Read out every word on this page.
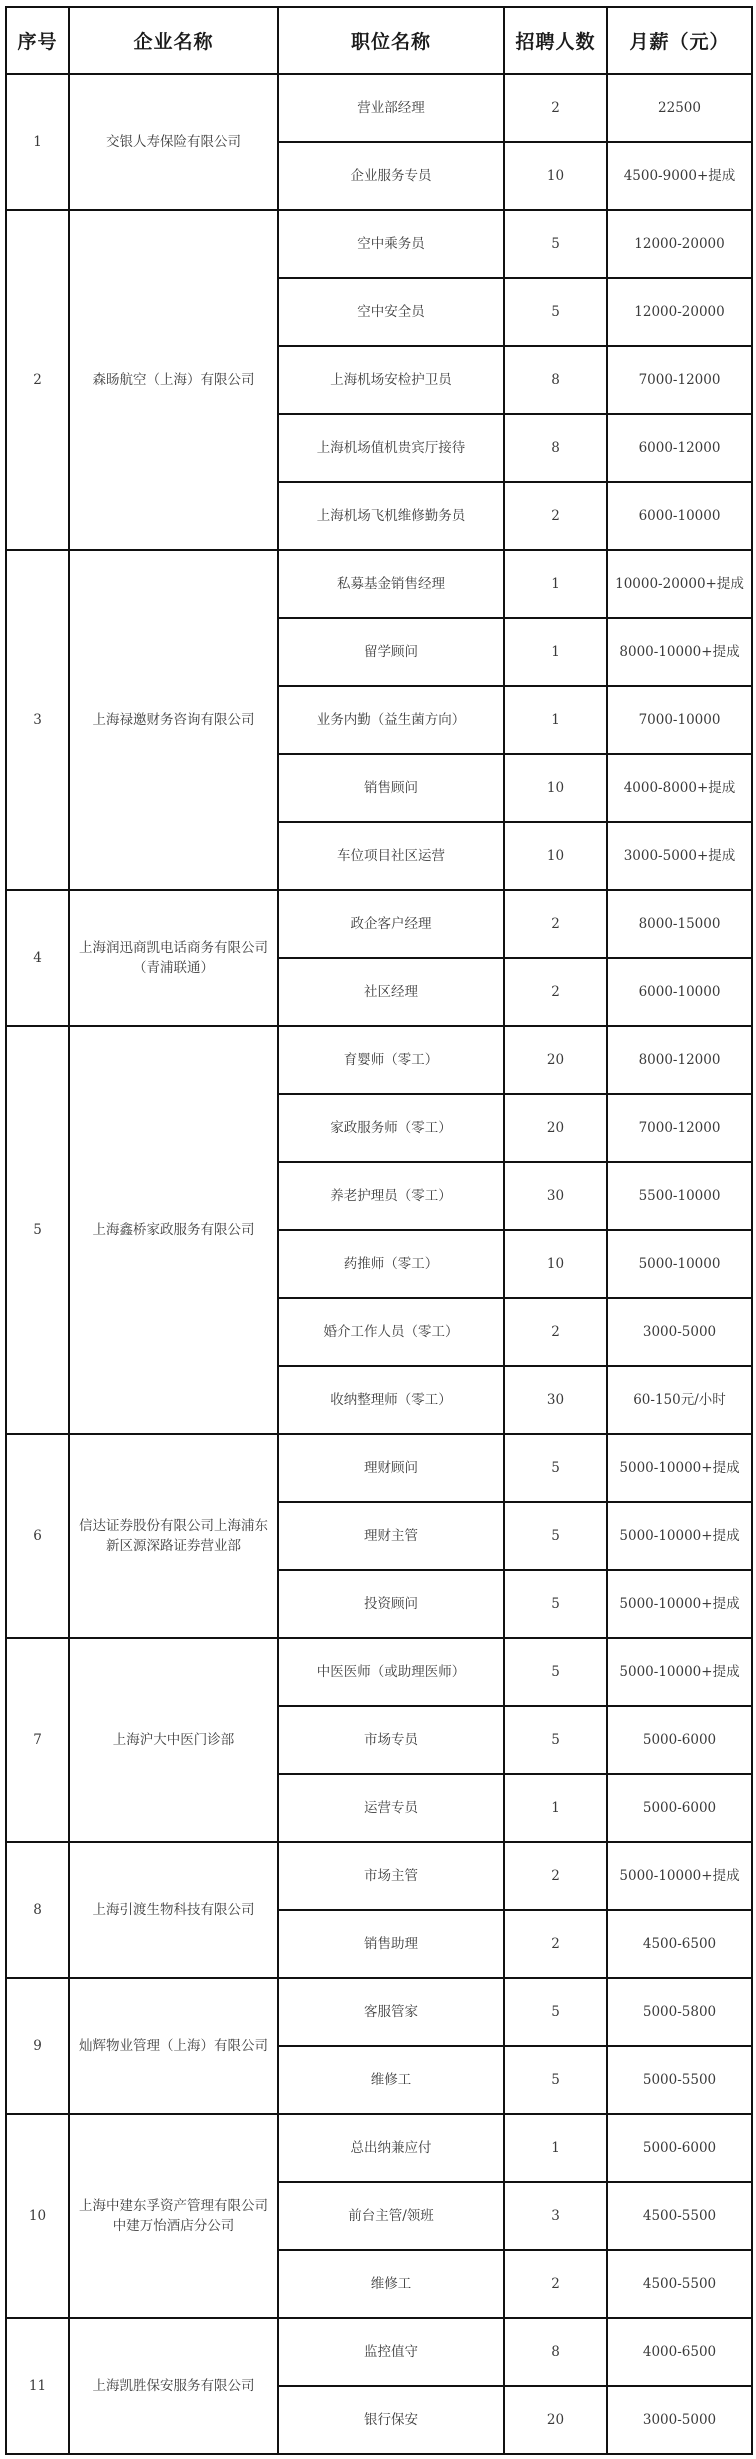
序号	企业名称	职位名称	招聘人数	月薪（元）
1	交银人寿保险有限公司	营业部经理	2	22500
		企业服务专员	10	4500-9000+提成
2	森旸航空（上海）有限公司	空中乘务员	5	12000-20000
		空中安全员	5	12000-20000
		上海机场安检护卫员	8	7000-12000
		上海机场值机贵宾厅接待	8	6000-12000
		上海机场飞机维修勤务员	2	6000-10000
3	上海禄邀财务咨询有限公司	私募基金销售经理	1	10000-20000+提成
		留学顾问	1	8000-10000+提成
		业务内勤（益生菌方向）	1	7000-10000
		销售顾问	10	4000-8000+提成
		车位项目社区运营	10	3000-5000+提成
4	上海润迅商凯电话商务有限公司（青浦联通）	政企客户经理	2	8000-15000
		社区经理	2	6000-10000
5	上海鑫桥家政服务有限公司	育婴师（零工）	20	8000-12000
		家政服务师（零工）	20	7000-12000
		养老护理员（零工）	30	5500-10000
		药推师（零工）	10	5000-10000
		婚介工作人员（零工）	2	3000-5000
		收纳整理师（零工）	30	60-150元/小时
6	信达证券股份有限公司上海浦东新区源深路证券营业部	理财顾问	5	5000-10000+提成
		理财主管	5	5000-10000+提成
		投资顾问	5	5000-10000+提成
7	上海沪大中医门诊部	中医医师（或助理医师）	5	5000-10000+提成
		市场专员	5	5000-6000
		运营专员	1	5000-6000
8	上海引渡生物科技有限公司	市场主管	2	5000-10000+提成
		销售助理	2	4500-6500
9	灿辉物业管理（上海）有限公司	客服管家	5	5000-5800
		维修工	5	5000-5500
10	上海中建东孚资产管理有限公司中建万怡酒店分公司	总出纳兼应付	1	5000-6000
		前台主管/领班	3	4500-5500
		维修工	2	4500-5500
11	上海凯胜保安服务有限公司	监控值守	8	4000-6500
		银行保安	20	3000-5000
